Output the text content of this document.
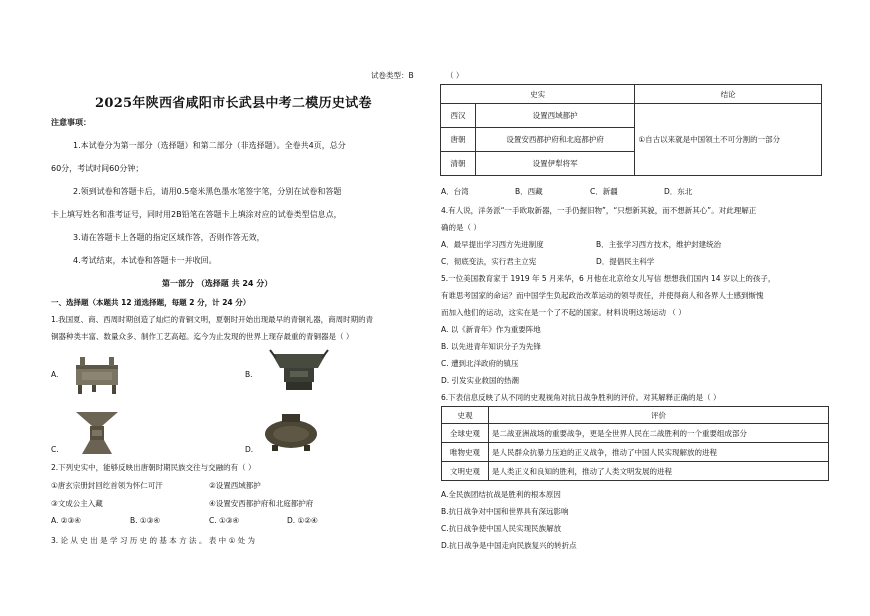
试卷类型：B
2025年陕西省咸阳市长武县中考二模历史试卷
注意事项：
1.本试卷分为第一部分（选择题）和第二部分（非选择题）。全卷共4页，总分
60分，考试时间60分钟；
2.领到试卷和答题卡后，请用0.5毫米黑色墨水笔签字笔，分别在试卷和答题
卡上填写姓名和准考证号，同时用2B铅笔在答题卡上填涂对应的试卷类型信息点，
3.请在答题卡上各题的指定区域作答，否则作答无效，
4.考试结束，本试卷和答题卡一并收回。
第一部分 （选择题 共 24 分）
一、选择题（本题共 12 道选择题，每题 2 分，计 24 分）
1.我国夏、商、西周时期创造了灿烂的青铜文明，夏朝时开始出现最早的青铜礼器，商周时期的青
铜器种类丰富、数量众多、制作工艺高超。迄今为止发现的世界上现存最重的青铜器是（ ）
A.	B.
C.	D.
2.下列史实中，能够反映出唐朝时期民族交往与交融的有（ ）
①唐玄宗册封回纥首领为怀仁可汗	②设置西域都护
③文成公主入藏	④设置安西都护府和北庭都护府
A. ②③④	B. ①③④	C. ①③④	D. ①②④
3. 论 从 史 出 是 学 习 历 史 的 基 本 方 法 。 表 中 ① 处 为
（ ）
史实		结论
西汉	设置西域都护	①自古以来就是中国领土不可分割的一部分
唐朝	设置安西都护府和北庭都护府	
清朝	设置伊犁将军	
A．台湾	B．西藏	C．新疆	D．东北
4.有人说，洋务派“一手欧取新器，一手仍握旧物”，“只想新其貌，而不想新其心”。对此理解正
确的是（ ）
A．最早提出学习西方先进制度	B．主张学习西方技术，维护封建统治
C．彻底变法，实行君主立宪	D．提倡民主科学
5.一位美国教育家于 1919 年 5 月来华，6 月他在北京给女儿写信 想想我们国内 14 岁以上的孩子，
有谁思考国家的命运？而中国学生负起政治改革运动的领导责任，并使得商人和各界人士感到惭愧
而加入他们的运动，这实在是一个了不起的国家。材料说明这场运动 （ ）
A. 以《新青年》作为重要阵地
B. 以先进青年知识分子为先锋
C. 遭到北洋政府的镇压
D. 引发实业救国的热潮
6.下表信息反映了从不同的史观视角对抗日战争胜利的评价。对其解释正确的是（ ）
史观	评价
全球史观	是二战亚洲战场的重要战争，更是全世界人民在二战胜利的一个重要组成部分
唯物史观	是人民群众抗暴力压迫的正义战争，推动了中国人民实现解放的进程
文明史观	是人类正义和良知的胜利，推动了人类文明发展的进程
A.全民族团结抗战是胜利的根本原因
B.抗日战争对中国和世界具有深远影响
C.抗日战争使中国人民实现民族解放
D.抗日战争是中国走向民族复兴的转折点
